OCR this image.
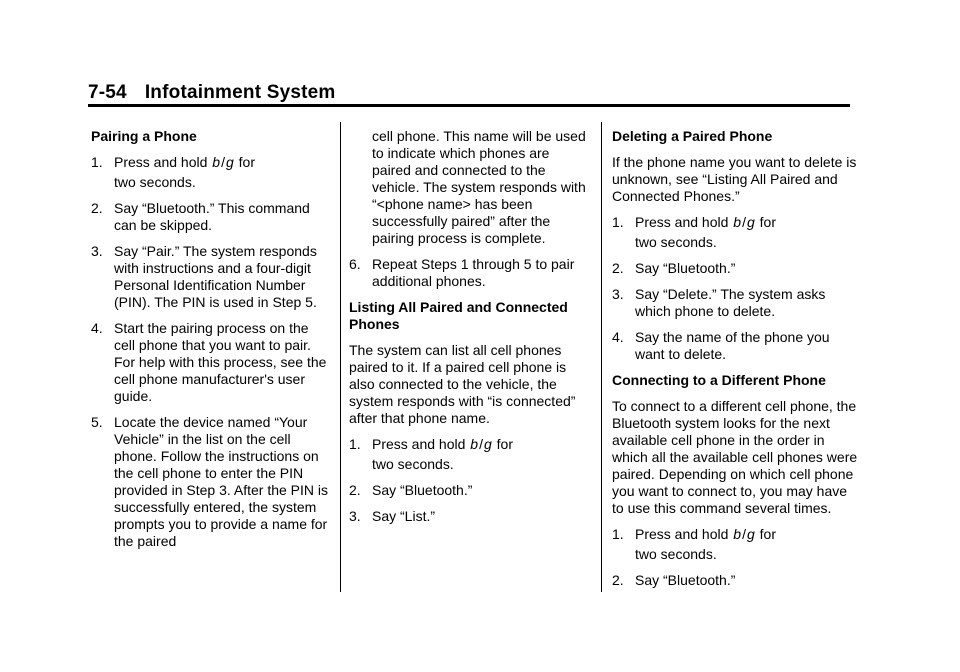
7-54 Infotainment System
Pairing a Phone
1. Press and hold b/g for
two seconds.
2. Say “Bluetooth.” This command can be skipped.
3. Say “Pair.” The system responds with instructions and a four-digit Personal Identification Number (PIN). The PIN is used in Step 5.
4. Start the pairing process on the cell phone that you want to pair. For help with this process, see the cell phone manufacturer's user guide.
5. Locate the device named “Your Vehicle” in the list on the cell phone. Follow the instructions on the cell phone to enter the PIN provided in Step 3. After the PIN is successfully entered, the system prompts you to provide a name for the paired
cell phone. This name will be used to indicate which phones are paired and connected to the vehicle. The system responds with “<phone name> has been successfully paired” after the pairing process is complete.
6. Repeat Steps 1 through 5 to pair additional phones.
Listing All Paired and Connected Phones

The system can list all cell phones paired to it. If a paired cell phone is also connected to the vehicle, the system responds with “is connected” after that phone name.

1. Press and hold b/g for
two seconds.
2. Say “Bluetooth.”
3. Say “List.”
Deleting a Paired Phone

If the phone name you want to delete is unknown, see “Listing All Paired and Connected Phones.”

1. Press and hold b/g for
two seconds.
2. Say “Bluetooth.”
3. Say “Delete.” The system asks which phone to delete.
4. Say the name of the phone you want to delete.
Connecting to a Different Phone

To connect to a different cell phone, the Bluetooth system looks for the next available cell phone in the order in which all the available cell phones were paired. Depending on which cell phone you want to connect to, you may have to use this command several times.

1. Press and hold b/g for
two seconds.
2. Say “Bluetooth.”
